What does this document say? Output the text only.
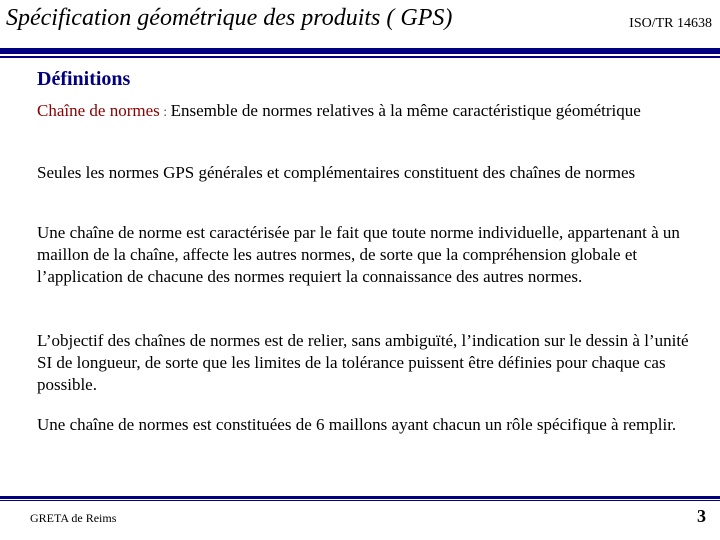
Spécification géométrique des produits ( GPS)	ISO/TR 14638
Définitions
Chaîne de normes : Ensemble de normes relatives à la même caractéristique géométrique
Seules les normes GPS générales et complémentaires constituent des chaînes de normes
Une chaîne de norme est caractérisée par le fait que toute norme individuelle, appartenant à un maillon de la chaîne, affecte les autres normes, de sorte que la compréhension globale et l’application de chacune des normes requiert la connaissance des autres normes.
L’objectif des chaînes de normes est de relier, sans ambiguïté, l’indication sur le dessin à l’unité SI de longueur, de sorte que les limites de la tolérance puissent être définies pour chaque cas possible.
Une chaîne de normes est constituées de 6 maillons ayant chacun un rôle spécifique à remplir.
GRETA de Reims	3
